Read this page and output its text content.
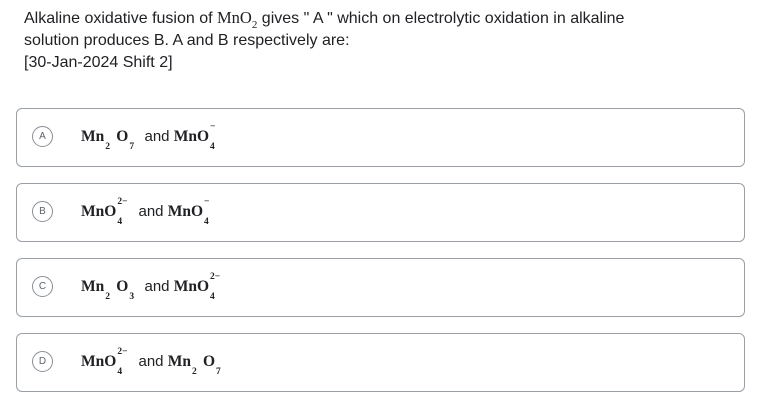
Alkaline oxidative fusion of MnO$_2$ gives " A " which on electrolytic oxidation in alkaline
solution produces B. A and B respectively are:
[30-Jan-2024 Shift 2]
A	Mn
2
O
7
and MnO
4
−
B	MnO
4
2−
and MnO
4
−
C	Mn
2
O
3
and MnO
4
2−
D	MnO
4
2−
and Mn
2
O
7
